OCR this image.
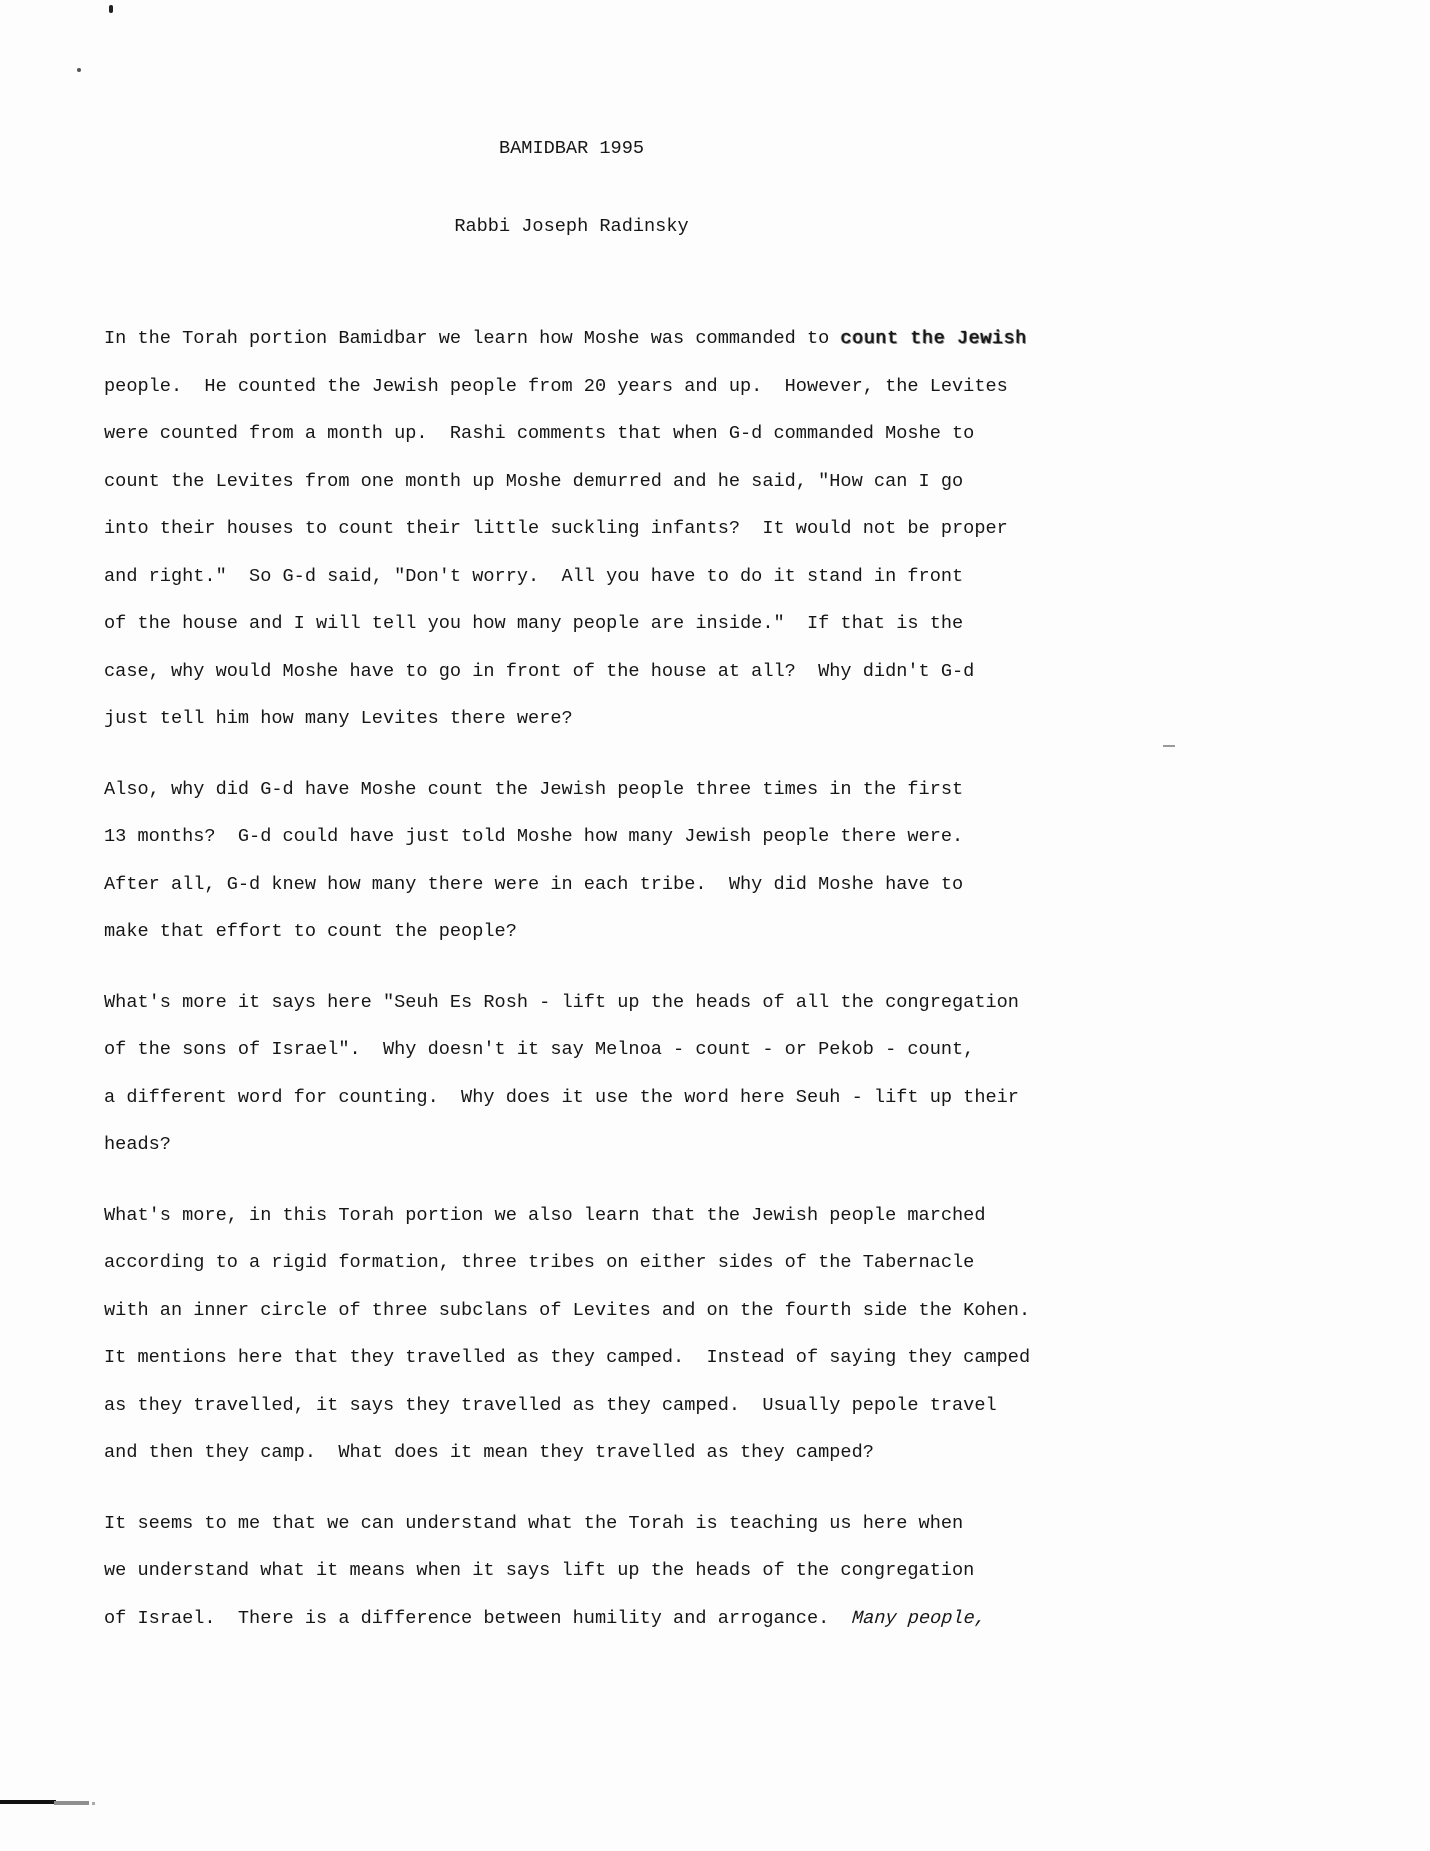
BAMIDBAR 1995

Rabbi Joseph Radinsky

In the Torah portion Bamidbar we learn how Moshe was commanded to count the Jewish
people.  He counted the Jewish people from 20 years and up.  However, the Levites
were counted from a month up.  Rashi comments that when G-d commanded Moshe to
count the Levites from one month up Moshe demurred and he said, "How can I go
into their houses to count their little suckling infants?  It would not be proper
and right."  So G-d said, "Don't worry.  All you have to do it stand in front
of the house and I will tell you how many people are inside."  If that is the
case, why would Moshe have to go in front of the house at all?  Why didn't G-d
just tell him how many Levites there were?
Also, why did G-d have Moshe count the Jewish people three times in the first
13 months?  G-d could have just told Moshe how many Jewish people there were.
After all, G-d knew how many there were in each tribe.  Why did Moshe have to
make that effort to count the people?
What's more it says here "Seuh Es Rosh - lift up the heads of all the congregation
of the sons of Israel".  Why doesn't it say Melnoa - count - or Pekob - count,
a different word for counting.  Why does it use the word here Seuh - lift up their
heads?
What's more, in this Torah portion we also learn that the Jewish people marched
according to a rigid formation, three tribes on either sides of the Tabernacle
with an inner circle of three subclans of Levites and on the fourth side the Kohen.
It mentions here that they travelled as they camped.  Instead of saying they camped
as they travelled, it says they travelled as they camped.  Usually pepole travel
and then they camp.  What does it mean they travelled as they camped?
It seems to me that we can understand what the Torah is teaching us here when
we understand what it means when it says lift up the heads of the congregation
of Israel.  There is a difference between humility and arrogance.  Many people,
